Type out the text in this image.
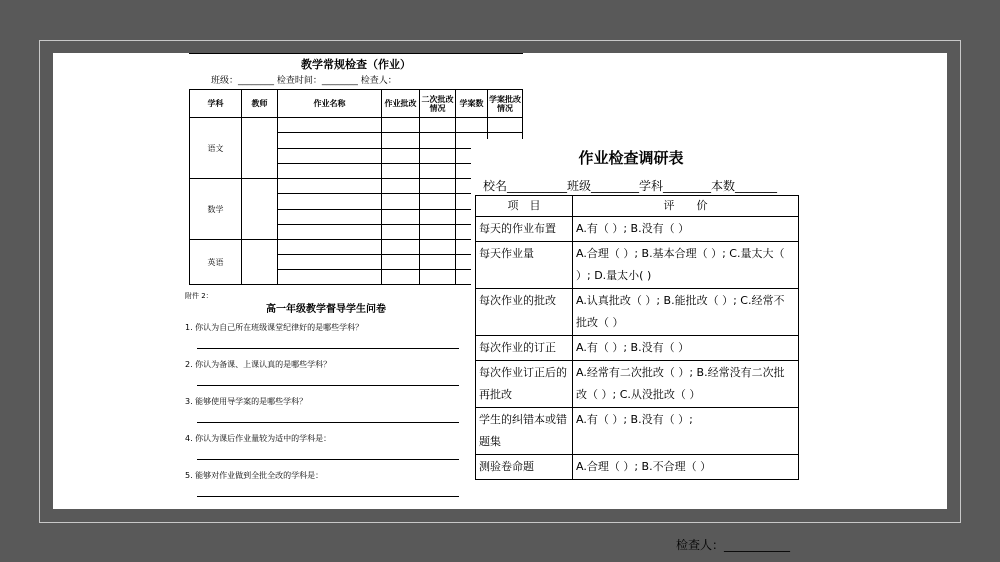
教学常规检查（作业）
班级：________ 检查时间：________ 检查人：
学科	教师	作业名称	作业批改	二次批改情况	学案数	学案批改情况
语文						

数学						

英语						

附件 2：
高一年级教学督导学生问卷
1. 你认为自己所在班级课堂纪律好的是哪些学科？
2. 你认为备课、上课认真的是哪些学科？
3. 能够使用导学案的是哪些学科？
4. 你认为课后作业量较为适中的学科是：
5. 能够对作业做到全批全改的学科是：
作业检查调研表
校名__________班级________学科________本数_______
项　目	评　　价
每天的作业布置	A.有（ ）; B.没有（ ）
每天作业量	A.合理（ ）; B.基本合理（ ）; C.量太大（ ）; D.量太小( )
每次作业的批改	A.认真批改（ ）; B.能批改（ ）; C.经常不批改（ ）
每次作业的订正	A.有（ ）; B.没有（ ）
每次作业订正后的再批改	A.经常有二次批改（ ）; B.经常没有二次批改（ ）; C.从没批改（ ）
学生的纠错本或错题集	A.有（ ）; B.没有（ ）;
测验卷命题	A.合理（ ）; B.不合理（ ）
检查人：___________
